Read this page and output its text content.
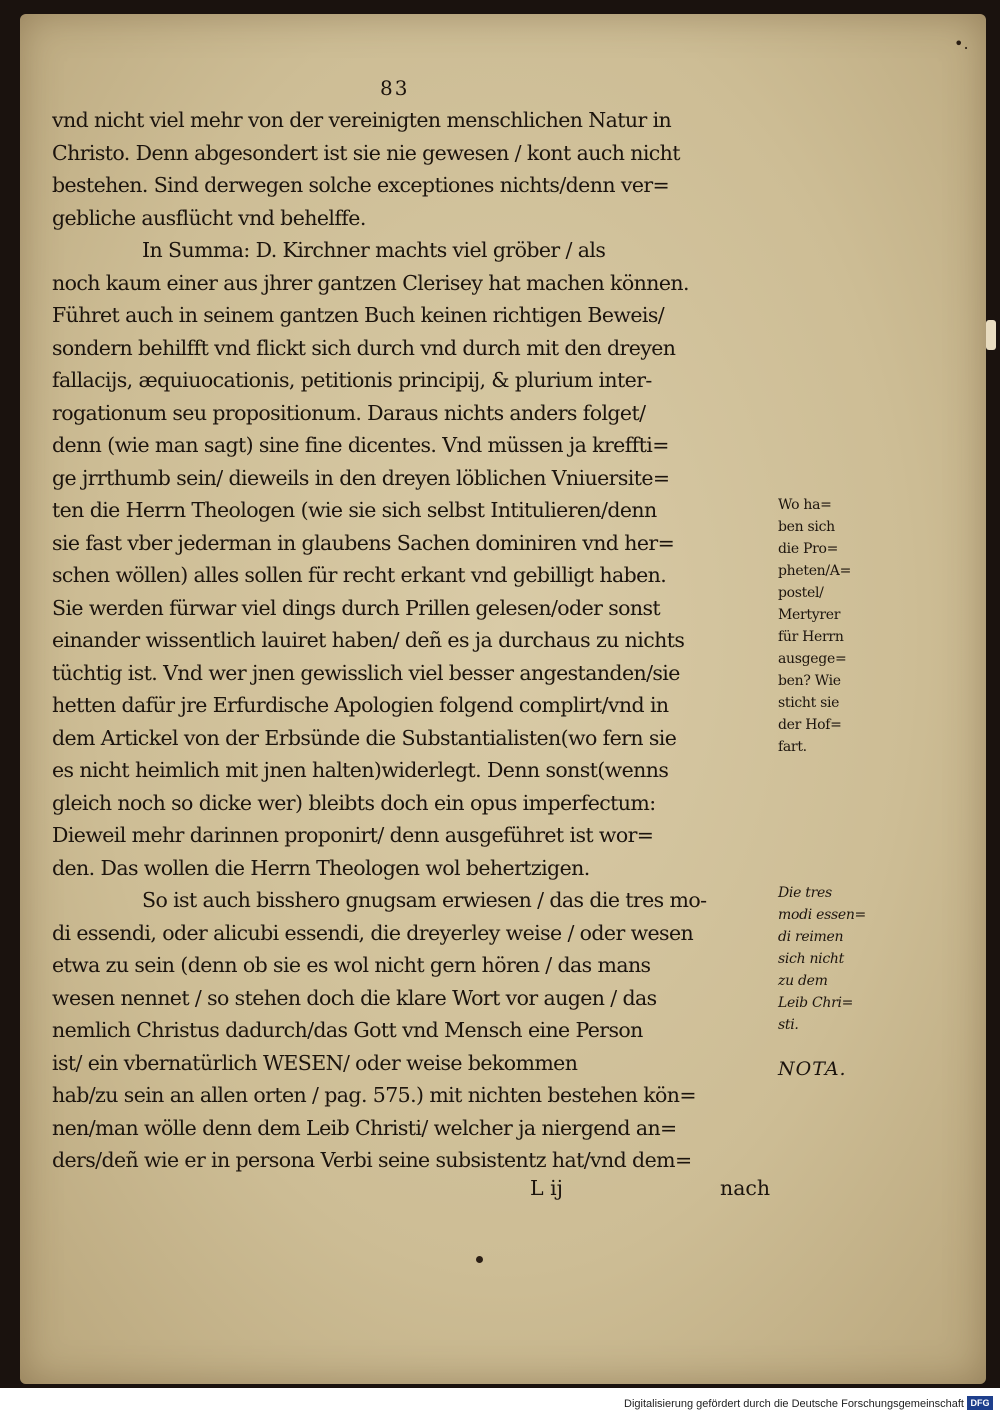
•.
83
vnd nicht viel mehr von der vereinigten menschlichen Natur in
Christo. Denn abgesondert ist sie nie gewesen / kont auch nicht
bestehen. Sind derwegen solche exceptiones nichts/denn ver=
gebliche ausflücht vnd behelffe.
In Summa: D. Kirchner machts viel gröber / als
noch kaum einer aus jhrer gantzen Clerisey hat machen können.
Führet auch in seinem gantzen Buch keinen richtigen Beweis/
sondern behilfft vnd flickt sich durch vnd durch mit den dreyen
fallacijs, æquiuocationis, petitionis principij, & plurium inter-
rogationum seu propositionum. Daraus nichts anders folget/
denn (wie man sagt) sine fine dicentes. Vnd müssen ja kreffti=
ge jrrthumb sein/ dieweils in den dreyen löblichen Vniuersite=
ten die Herrn Theologen (wie sie sich selbst Intitulieren/denn
sie fast vber jederman in glaubens Sachen dominiren vnd her=
schen wöllen) alles sollen für recht erkant vnd gebilligt haben.
Sie werden fürwar viel dings durch Prillen gelesen/oder sonst
einander wissentlich lauiret haben/ deñ es ja durchaus zu nichts
tüchtig ist. Vnd wer jnen gewisslich viel besser angestanden/sie
hetten dafür jre Erfurdische Apologien folgend complirt/vnd in
dem Artickel von der Erbsünde die Substantialisten(wo fern sie
es nicht heimlich mit jnen halten)widerlegt. Denn sonst(wenns
gleich noch so dicke wer) bleibts doch ein opus imperfectum:
Dieweil mehr darinnen proponirt/ denn ausgeführet ist wor=
den. Das wollen die Herrn Theologen wol behertzigen.
So ist auch bisshero gnugsam erwiesen / das die tres mo-
di essendi, oder alicubi essendi, die dreyerley weise / oder wesen
etwa zu sein (denn ob sie es wol nicht gern hören / das mans
wesen nennet / so stehen doch die klare Wort vor augen / das
nemlich Christus dadurch/das Gott vnd Mensch eine Person
ist/ ein vbernatürlich WESEN/ oder weise bekommen
hab/zu sein an allen orten / pag. 575.) mit nichten bestehen kön=
nen/man wölle denn dem Leib Christi/ welcher ja niergend an=
ders/deñ wie er in persona Verbi seine subsistentz hat/vnd dem=
L ij	nach
Wo ha=
ben sich
die Pro=
pheten/A=
postel/
Mertyrer
für Herrn
ausgege=
ben? Wie
sticht sie
der Hof=
fart.
Die tres
modi essen=
di reimen
sich nicht
zu dem
Leib Chri=
sti.
NOTA.
Digitalisierung gefördert durch die Deutsche Forschungsgemeinschaft DFG
